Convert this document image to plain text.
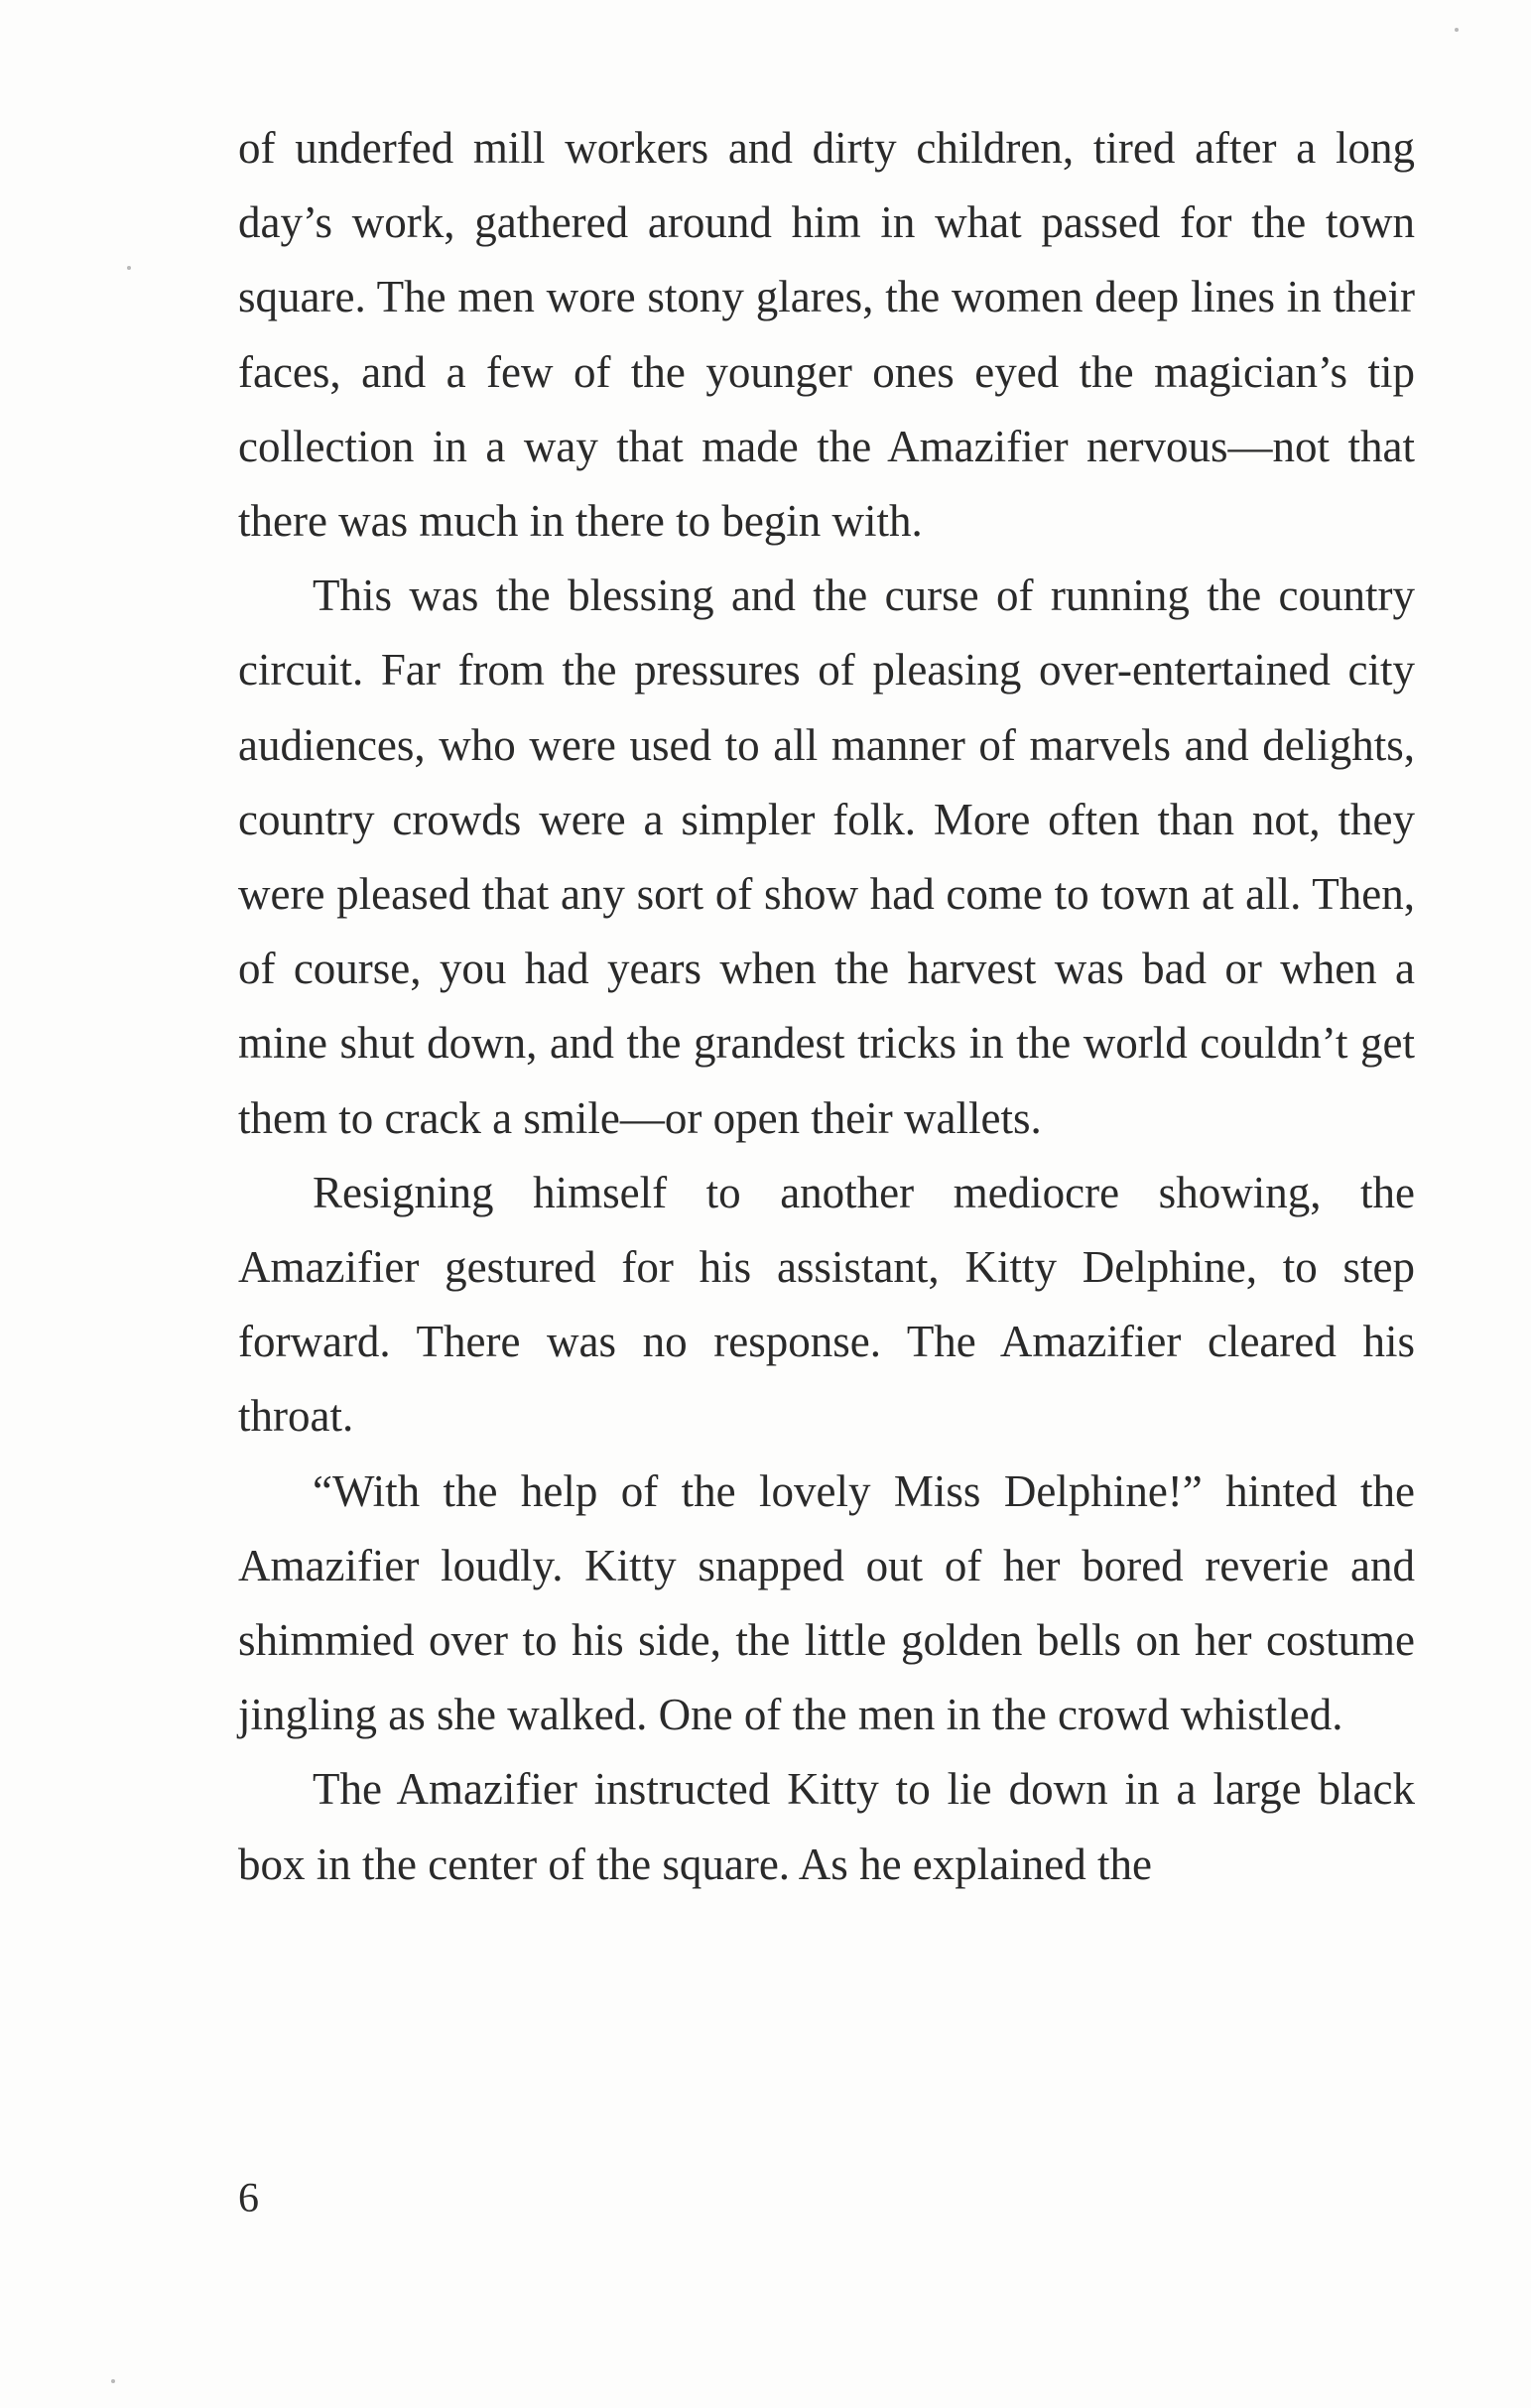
of underfed mill workers and dirty children, tired after a long day’s work, gathered around him in what passed for the town square. The men wore stony glares, the women deep lines in their faces, and a few of the younger ones eyed the magician’s tip collection in a way that made the Amazifier nervous—not that there was much in there to begin with.

This was the blessing and the curse of running the country circuit. Far from the pressures of pleasing over-entertained city audiences, who were used to all manner of marvels and delights, country crowds were a simpler folk. More often than not, they were pleased that any sort of show had come to town at all. Then, of course, you had years when the harvest was bad or when a mine shut down, and the grandest tricks in the world couldn’t get them to crack a smile—or open their wallets.

Resigning himself to another mediocre showing, the Amazifier gestured for his assistant, Kitty Delphine, to step forward. There was no response. The Amazifier cleared his throat.

“With the help of the lovely Miss Delphine!” hinted the Amazifier loudly. Kitty snapped out of her bored reverie and shimmied over to his side, the little golden bells on her costume jingling as she walked. One of the men in the crowd whistled.

The Amazifier instructed Kitty to lie down in a large black box in the center of the square. As he explained the

6
